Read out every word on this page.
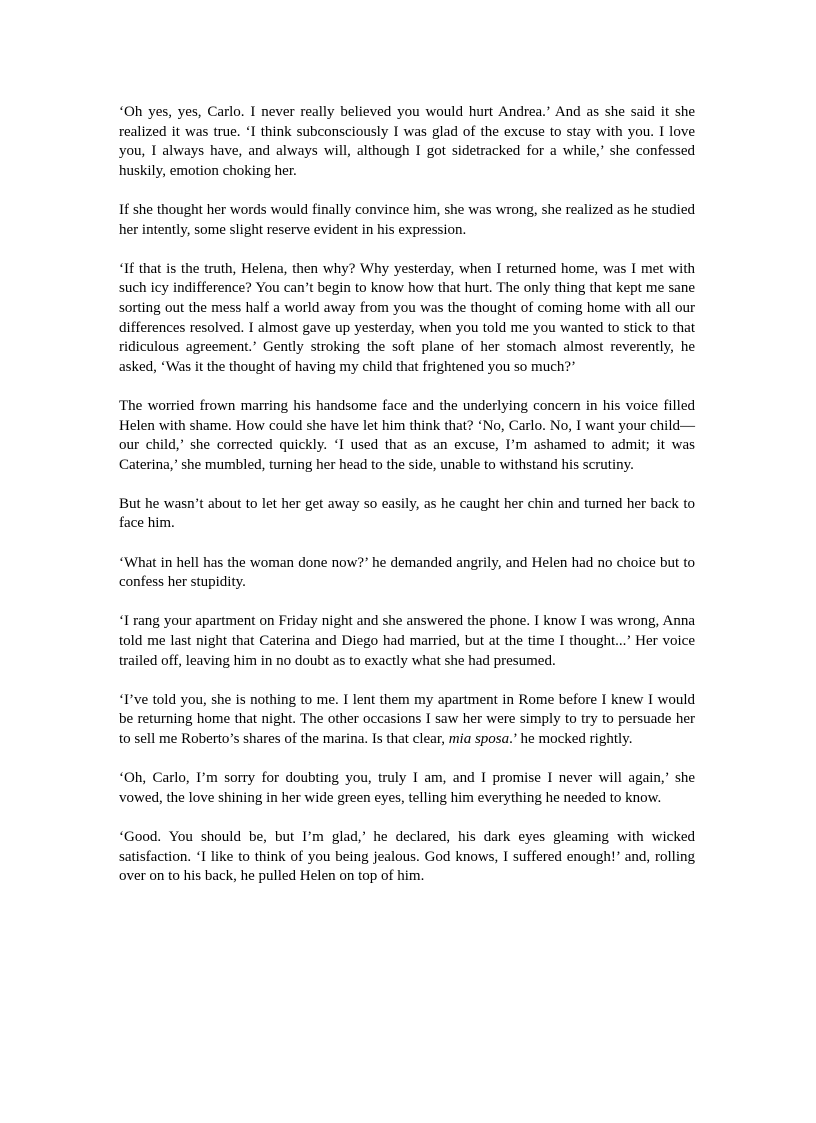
‘Oh yes, yes, Carlo. I never really believed you would hurt Andrea.’ And as she said it she realized it was true. ‘I think subconsciously I was glad of the excuse to stay with you. I love you, I always have, and always will, although I got sidetracked for a while,’ she confessed huskily, emotion choking her.

If she thought her words would finally convince him, she was wrong, she realized as he studied her intently, some slight reserve evident in his expression.

‘If that is the truth, Helena, then why? Why yesterday, when I returned home, was I met with such icy indifference? You can’t begin to know how that hurt. The only thing that kept me sane sorting out the mess half a world away from you was the thought of coming home with all our differences resolved. I almost gave up yesterday, when you told me you wanted to stick to that ridiculous agreement.’ Gently stroking the soft plane of her stomach almost reverently, he asked, ‘Was it the thought of having my child that frightened you so much?’

The worried frown marring his handsome face and the underlying concern in his voice filled Helen with shame. How could she have let him think that? ‘No, Carlo. No, I want your child—our child,’ she corrected quickly. ‘I used that as an excuse, I’m ashamed to admit; it was Caterina,’ she mumbled, turning her head to the side, unable to withstand his scrutiny.

But he wasn’t about to let her get away so easily, as he caught her chin and turned her back to face him.

‘What in hell has the woman done now?’ he demanded angrily, and Helen had no choice but to confess her stupidity.

‘I rang your apartment on Friday night and she answered the phone. I know I was wrong, Anna told me last night that Caterina and Diego had married, but at the time I thought...’ Her voice trailed off, leaving him in no doubt as to exactly what she had presumed.

‘I’ve told you, she is nothing to me. I lent them my apartment in Rome before I knew I would be returning home that night. The other occasions I saw her were simply to try to persuade her to sell me Roberto’s shares of the marina. Is that clear, mia sposa.’ he mocked rightly.

‘Oh, Carlo, I’m sorry for doubting you, truly I am, and I promise I never will again,’ she vowed, the love shining in her wide green eyes, telling him everything he needed to know.

‘Good. You should be, but I’m glad,’ he declared, his dark eyes gleaming with wicked satisfaction. ‘I like to think of you being jealous. God knows, I suffered enough!’ and, rolling over on to his back, he pulled Helen on top of him.
